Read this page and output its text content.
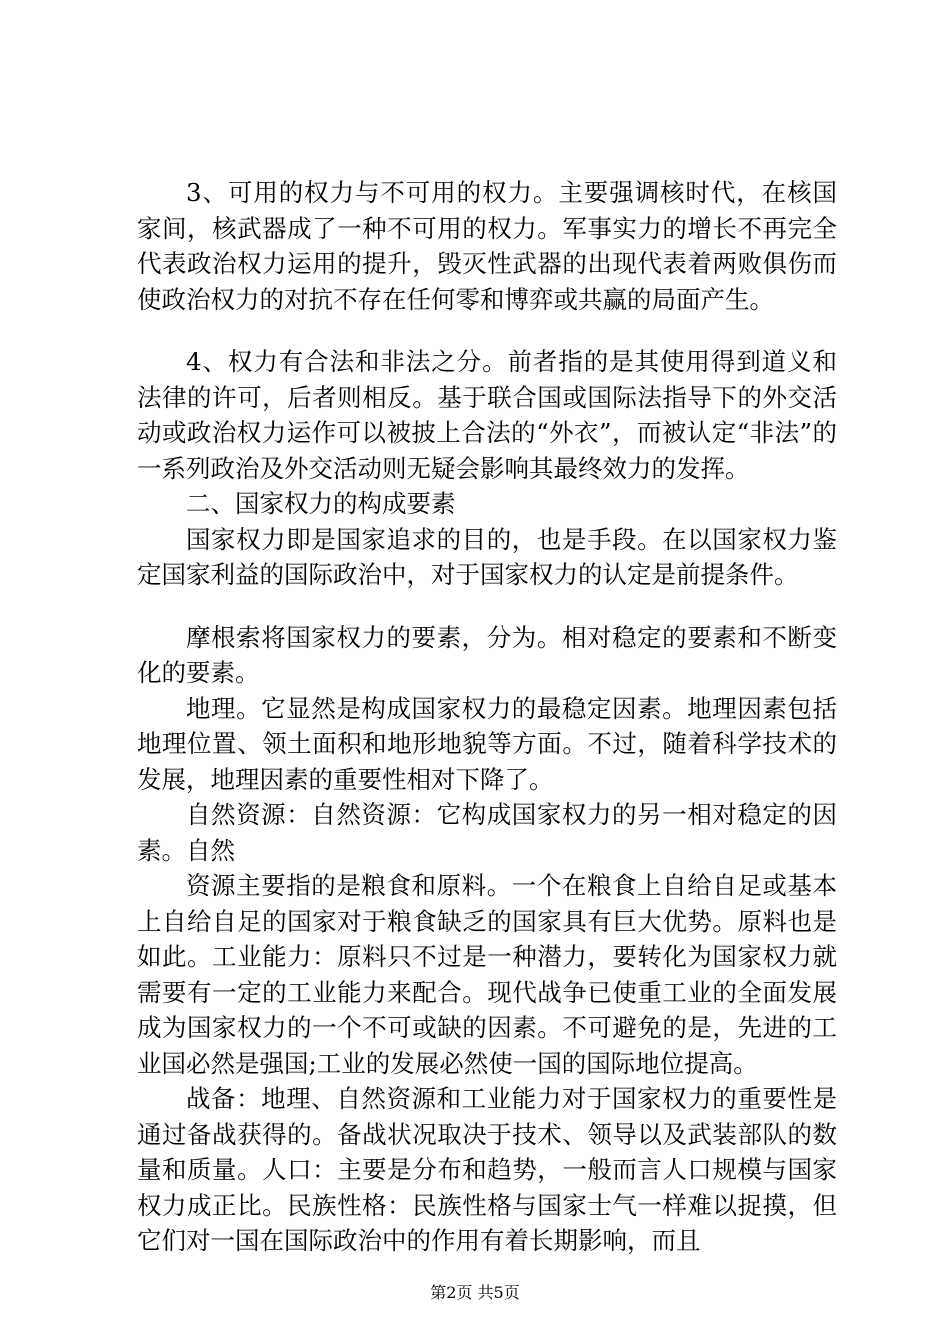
3、可用的权力与不可用的权力。主要强调核时代，在核国家间，核武器成了一种不可用的权力。军事实力的增长不再完全代表政治权力运用的提升，毁灭性武器的出现代表着两败俱伤而使政治权力的对抗不存在任何零和博弈或共赢的局面产生。

4、权力有合法和非法之分。前者指的是其使用得到道义和法律的许可，后者则相反。基于联合国或国际法指导下的外交活动或政治权力运作可以被披上合法的“外衣”，而被认定“非法”的一系列政治及外交活动则无疑会影响其最终效力的发挥。

二、国家权力的构成要素

国家权力即是国家追求的目的，也是手段。在以国家权力鉴定国家利益的国际政治中，对于国家权力的认定是前提条件。

摩根索将国家权力的要素，分为。相对稳定的要素和不断变化的要素。

地理。它显然是构成国家权力的最稳定因素。地理因素包括地理位置、领土面积和地形地貌等方面。不过，随着科学技术的发展，地理因素的重要性相对下降了。

自然资源：自然资源：它构成国家权力的另一相对稳定的因素。自然

资源主要指的是粮食和原料。一个在粮食上自给自足或基本上自给自足的国家对于粮食缺乏的国家具有巨大优势。原料也是如此。工业能力：原料只不过是一种潜力，要转化为国家权力就需要有一定的工业能力来配合。现代战争已使重工业的全面发展成为国家权力的一个不可或缺的因素。不可避免的是，先进的工业国必然是强国;工业的发展必然使一国的国际地位提高。

战备：地理、自然资源和工业能力对于国家权力的重要性是通过备战获得的。备战状况取决于技术、领导以及武装部队的数量和质量。人口：主要是分布和趋势，一般而言人口规模与国家权力成正比。民族性格：民族性格与国家士气一样难以捉摸，但它们对一国在国际政治中的作用有着长期影响，而且

第2页 共5页
